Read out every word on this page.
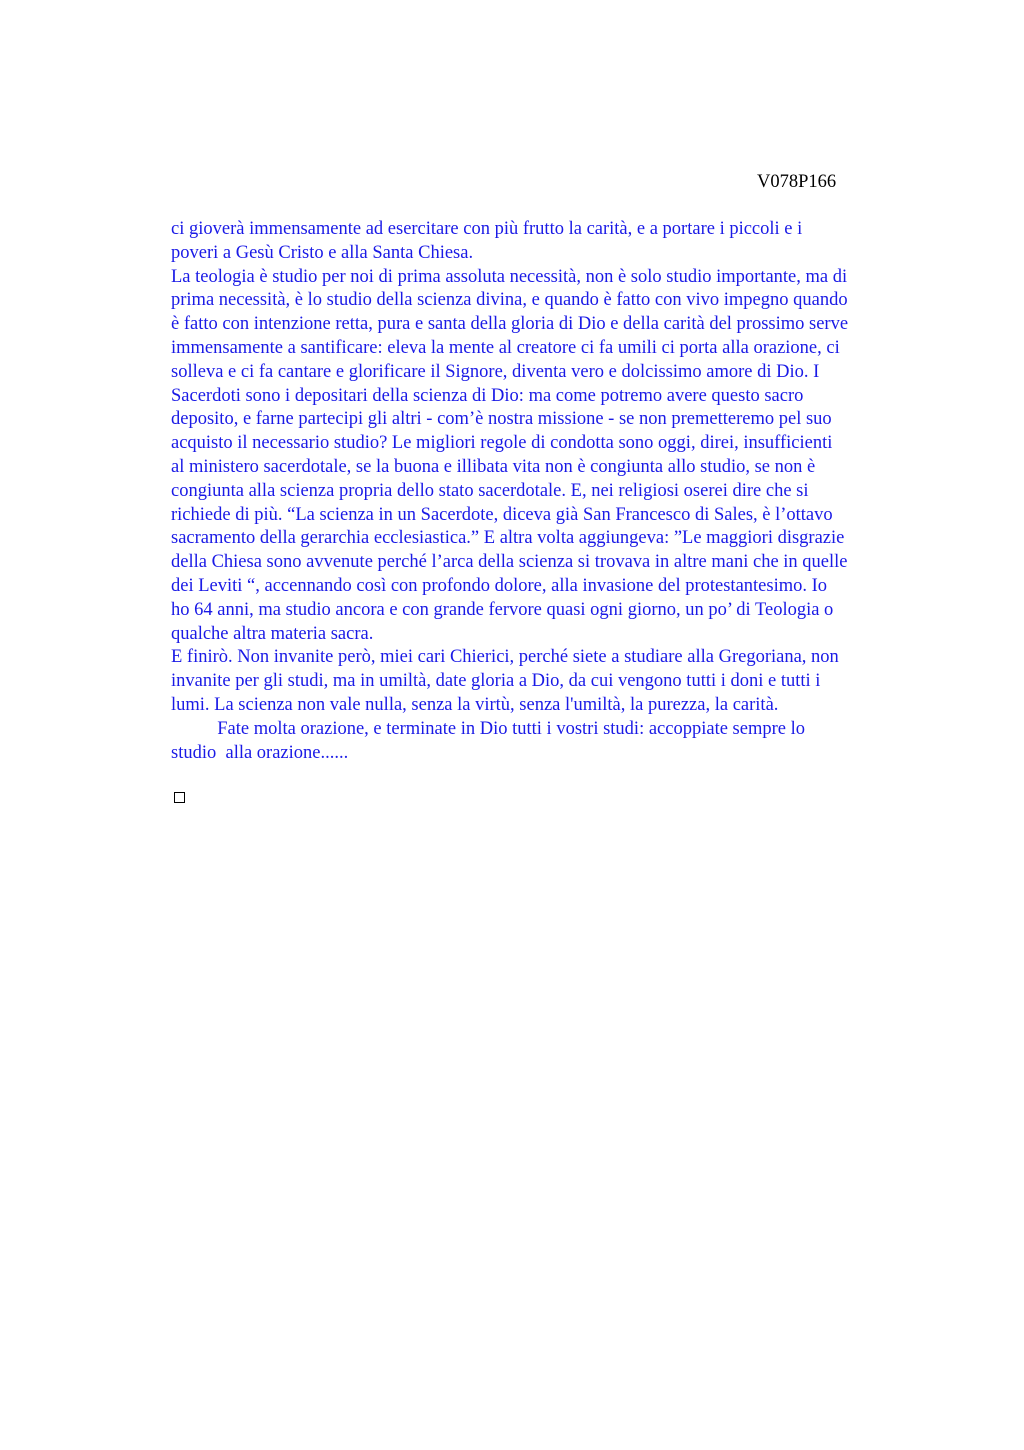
V078P166
ci gioverà immensamente ad esercitare con più frutto la carità, e a portare i piccoli e i
poveri a Gesù Cristo e alla Santa Chiesa.
La teologia è studio per noi di prima assoluta necessità, non è solo studio importante, ma di
prima necessità, è lo studio della scienza divina, e quando è fatto con vivo impegno quando
è fatto con intenzione retta, pura e santa della gloria di Dio e della carità del prossimo serve
immensamente a santificare: eleva la mente al creatore ci fa umili ci porta alla orazione, ci
solleva e ci fa cantare e glorificare il Signore, diventa vero e dolcissimo amore di Dio. I
Sacerdoti sono i depositari della scienza di Dio: ma come potremo avere questo sacro
deposito, e farne partecipi gli altri - com’è nostra missione - se non premetteremo pel suo
acquisto il necessario studio? Le migliori regole di condotta sono oggi, direi, insufficienti
al ministero sacerdotale, se la buona e illibata vita non è congiunta allo studio, se non è
congiunta alla scienza propria dello stato sacerdotale. E, nei religiosi oserei dire che si
richiede di più. “La scienza in un Sacerdote, diceva già San Francesco di Sales, è l’ottavo
sacramento della gerarchia ecclesiastica.” E altra volta aggiungeva: ”Le maggiori disgrazie
della Chiesa sono avvenute perché l’arca della scienza si trovava in altre mani che in quelle
dei Leviti “, accennando così con profondo dolore, alla invasione del protestantesimo. Io
ho 64 anni, ma studio ancora e con grande fervore quasi ogni giorno, un po’ di Teologia o
qualche altra materia sacra.
E finirò. Non invanite però, miei cari Chierici, perché siete a studiare alla Gregoriana, non
invanite per gli studi, ma in umiltà, date gloria a Dio, da cui vengono tutti i doni e tutti i
lumi. La scienza non vale nulla, senza la virtù, senza l'umiltà, la purezza, la carità.
Fate molta orazione, e terminate in Dio tutti i vostri studi: accoppiate sempre lo
studio  alla orazione......
